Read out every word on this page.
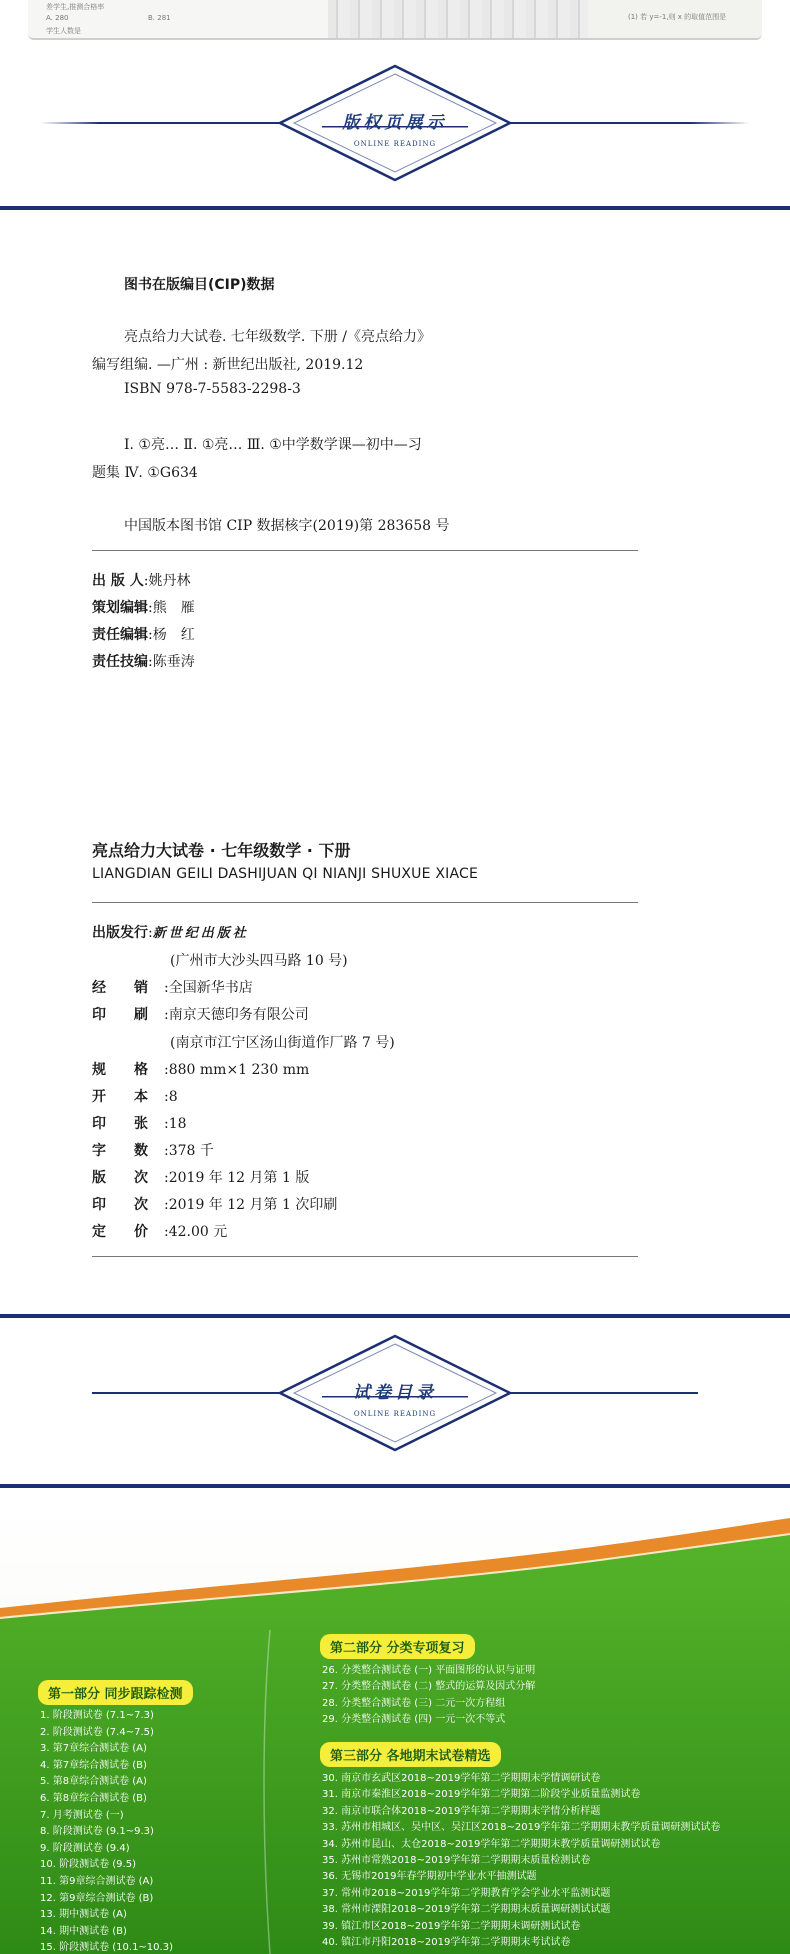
差学生,推测合格率
A. 280	B. 281
学生人数是
(1) 若 y=-1,则 x 的取值范围是
版权页展示
ONLINE READING
图书在版编目(CIP)数据
亮点给力大试卷. 七年级数学. 下册 /《亮点给力》
编写组编. —广州 : 新世纪出版社, 2019.12
ISBN 978-7-5583-2298-3
Ⅰ. ①亮… Ⅱ. ①亮… Ⅲ. ①中学数学课—初中—习
题集 Ⅳ. ①G634
中国版本图书馆 CIP 数据核字(2019)第 283658 号
出 版 人:姚丹林
策划编辑:熊　雁
责任编辑:杨　红
责任技编:陈垂涛
亮点给力大试卷 · 七年级数学 · 下册
LIANGDIAN GEILI DASHIJUAN QI NIANJI SHUXUE XIACE
出版发行:新世纪出版社
(广州市大沙头四马路 10 号)
经　　销 :全国新华书店
印　　刷 :南京天德印务有限公司
(南京市江宁区汤山街道作厂路 7 号)
规　　格 :880 mm×1 230 mm
开　　本 :8
印　　张 :18
字　　数 :378 千
版　　次 :2019 年 12 月第 1 版
印　　次 :2019 年 12 月第 1 次印刷
定　　价 :42.00 元
试卷目录
ONLINE READING
第一部分 同步跟踪检测
第二部分 分类专项复习
第三部分 各地期末试卷精选
1. 阶段测试卷 (7.1~7.3)
2. 阶段测试卷 (7.4~7.5)
3. 第7章综合测试卷 (A)
4. 第7章综合测试卷 (B)
5. 第8章综合测试卷 (A)
6. 第8章综合测试卷 (B)
7. 月考测试卷 (一)
8. 阶段测试卷 (9.1~9.3)
9. 阶段测试卷 (9.4)
10. 阶段测试卷 (9.5)
11. 第9章综合测试卷 (A)
12. 第9章综合测试卷 (B)
13. 期中测试卷 (A)
14. 期中测试卷 (B)
15. 阶段测试卷 (10.1~10.3)
26. 分类整合测试卷 (一) 平面图形的认识与证明
27. 分类整合测试卷 (二) 整式的运算及因式分解
28. 分类整合测试卷 (三) 二元一次方程组
29. 分类整合测试卷 (四) 一元一次不等式
30. 南京市玄武区2018~2019学年第二学期期末学情调研试卷
31. 南京市秦淮区2018~2019学年第二学期第二阶段学业质量监测试卷
32. 南京市联合体2018~2019学年第二学期期末学情分析样题
33. 苏州市相城区、吴中区、吴江区2018~2019学年第二学期期末教学质量调研测试试卷
34. 苏州市昆山、太仓2018~2019学年第二学期期末教学质量调研测试试卷
35. 苏州市常熟2018~2019学年第二学期期末质量检测试卷
36. 无锡市2019年春学期初中学业水平抽测试题
37. 常州市2018~2019学年第二学期教育学会学业水平监测试题
38. 常州市溧阳2018~2019学年第二学期期末质量调研测试试题
39. 镇江市区2018~2019学年第二学期期末调研测试试卷
40. 镇江市丹阳2018~2019学年第二学期期末考试试卷
